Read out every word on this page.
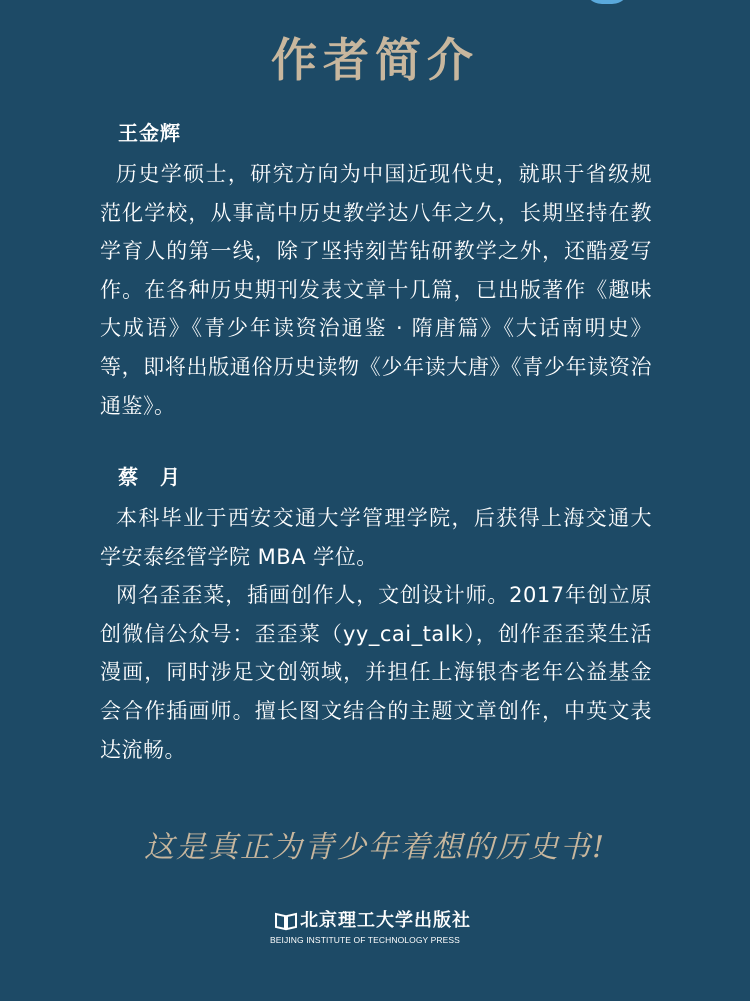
作者简介
王金辉

历史学硕士，研究方向为中国近现代史，就职于省级规范化学校，从事高中历史教学达八年之久，长期坚持在教学育人的第一线，除了坚持刻苦钻研教学之外，还酷爱写作。在各种历史期刊发表文章十几篇，已出版著作《趣味大成语》《青少年读资治通鉴 · 隋唐篇》《大话南明史》等，即将出版通俗历史读物《少年读大唐》《青少年读资治通鉴》。

蔡　月

本科毕业于西安交通大学管理学院，后获得上海交通大学安泰经管学院 MBA 学位。

网名歪歪菜，插画创作人，文创设计师。2017年创立原创微信公众号：歪歪菜（yy_cai_talk），创作歪歪菜生活漫画，同时涉足文创领域，并担任上海银杏老年公益基金会合作插画师。擅长图文结合的主题文章创作，中英文表达流畅。

这是真正为青少年着想的历史书!
北京理工大学出版社
BEIJING INSTITUTE OF TECHNOLOGY PRESS
